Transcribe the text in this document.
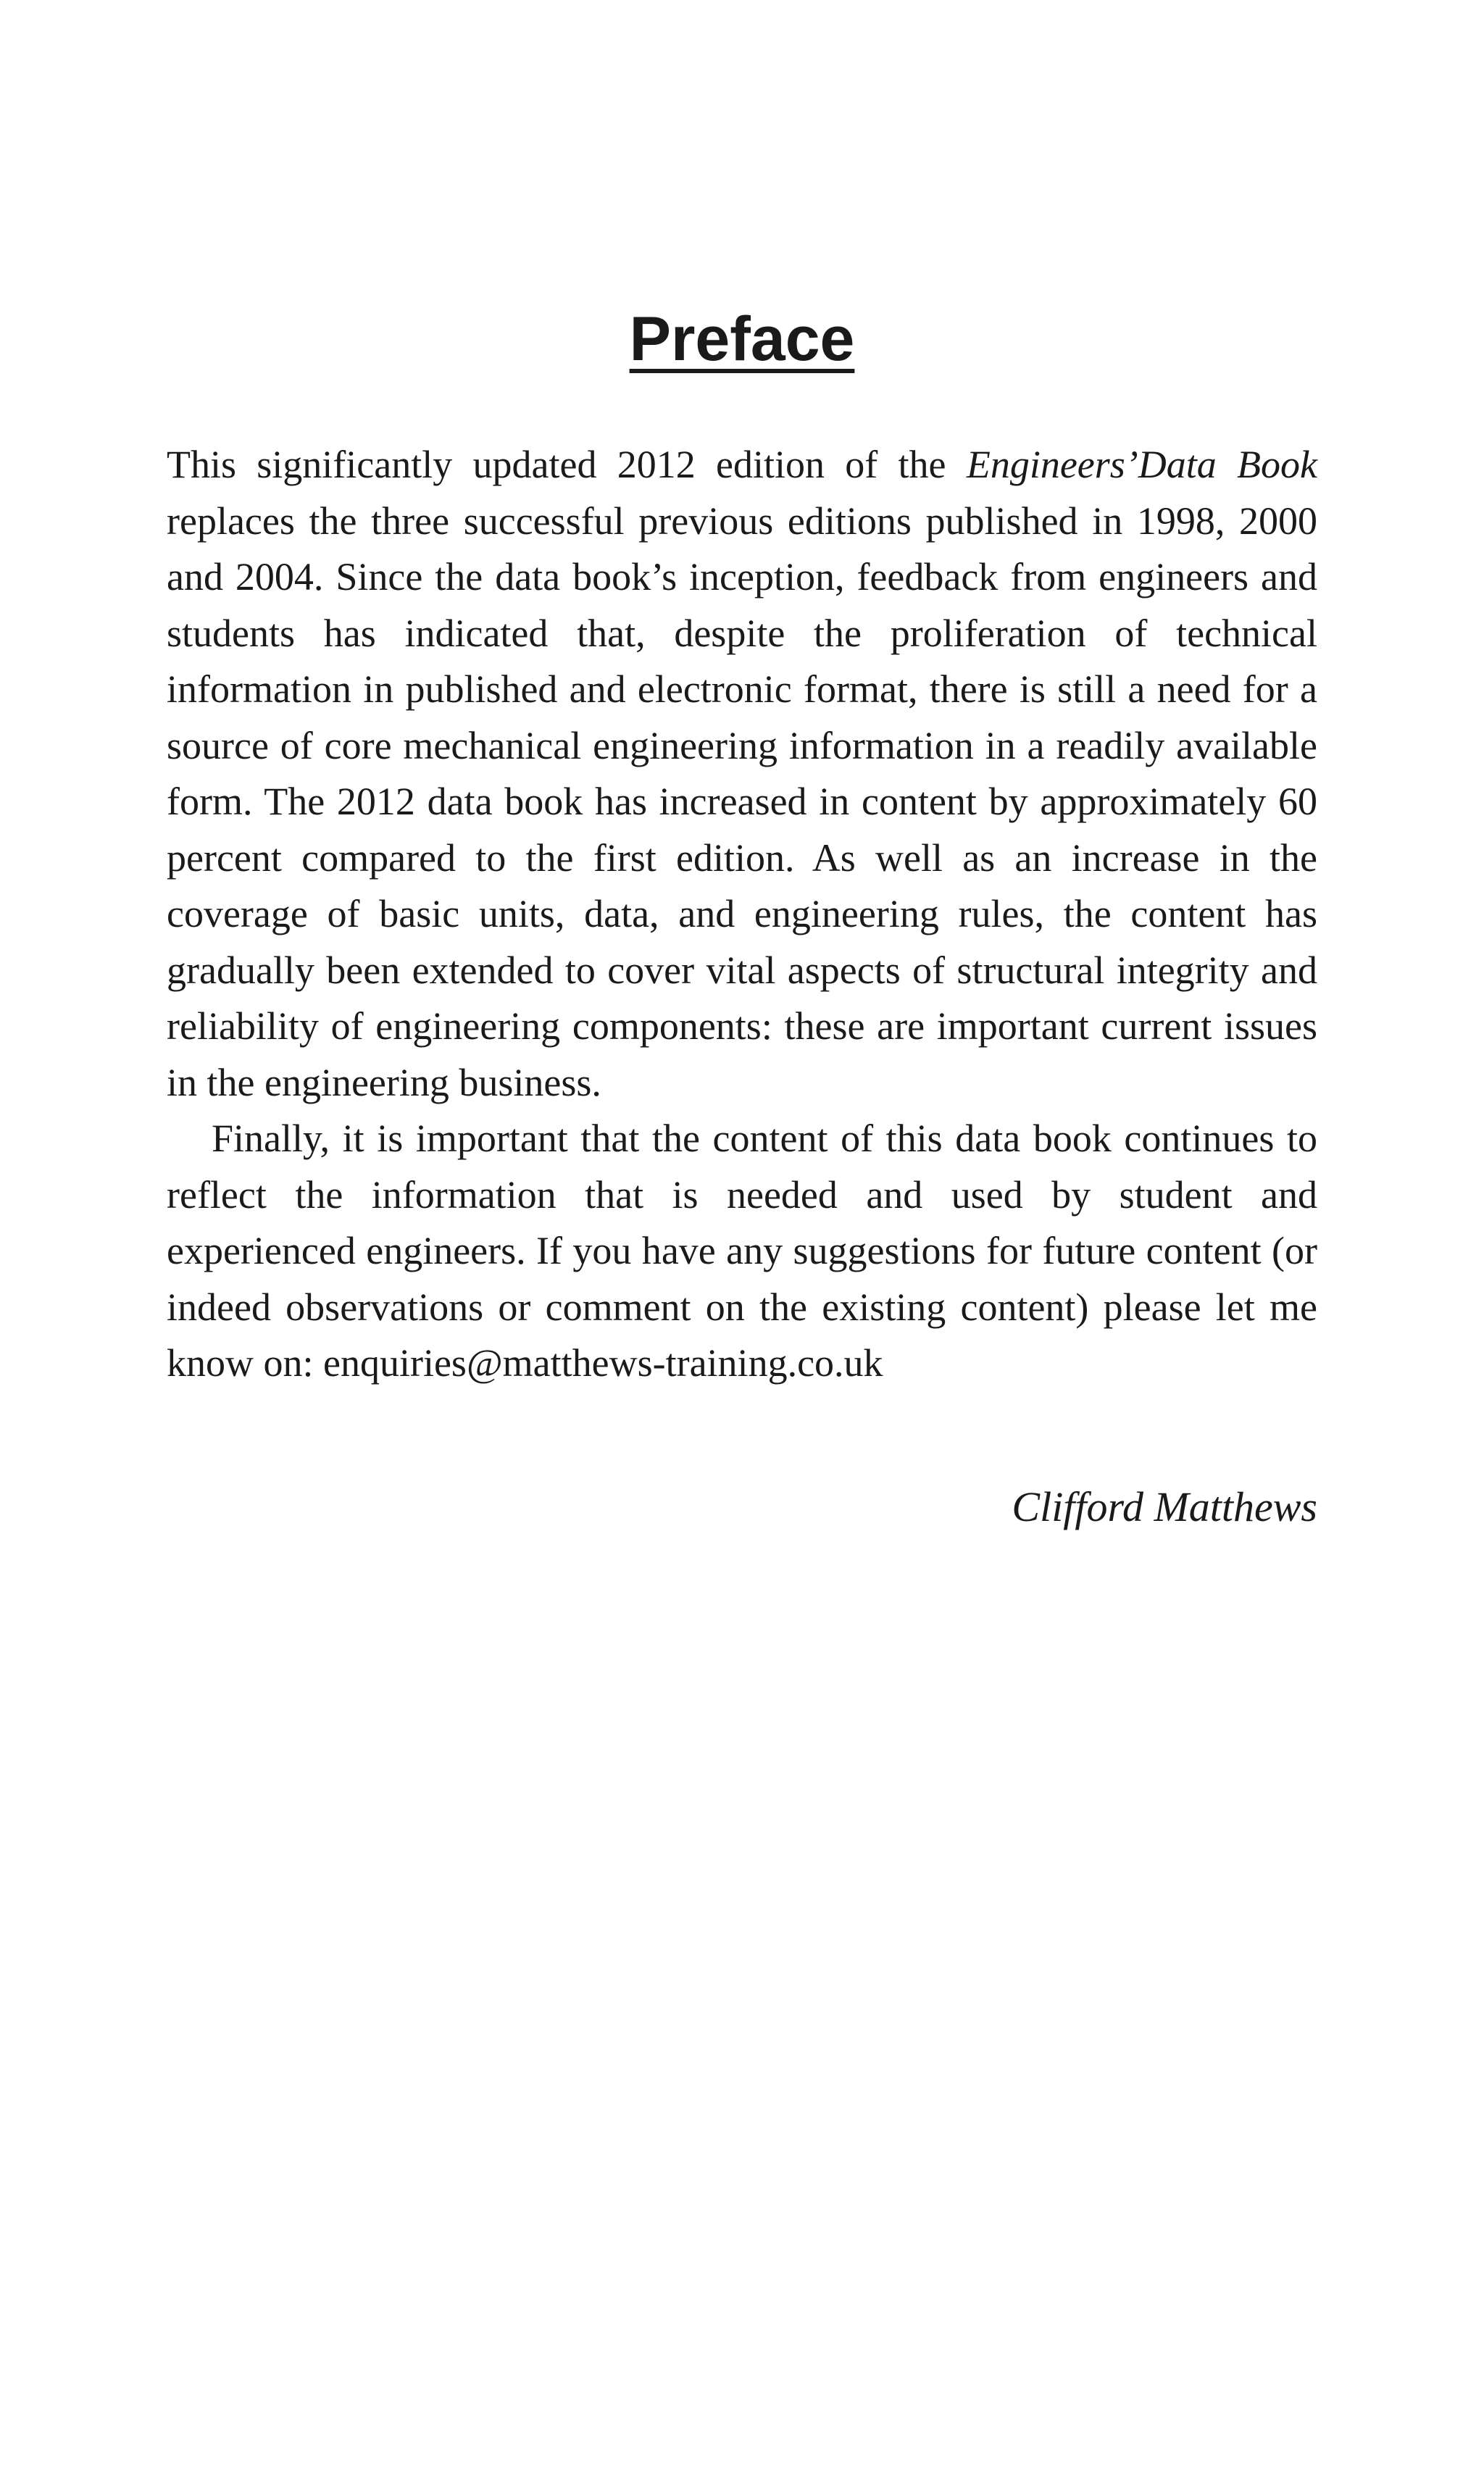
Preface

This significantly updated 2012 edition of the Engineers’Data Book replaces the three successful previous editions published in 1998, 2000 and 2004. Since the data book’s inception, feedback from engineers and students has indicated that, despite the proliferation of technical information in published and electronic format, there is still a need for a source of core mechanical engineering information in a readily available form. The 2012 data book has increased in content by approximately 60 percent compared to the first edition. As well as an increase in the coverage of basic units, data, and engineering rules, the content has gradually been extended to cover vital aspects of structural integrity and reliability of engineering components: these are important current issues in the engineering business.

Finally, it is important that the content of this data book continues to reflect the information that is needed and used by student and experienced engineers. If you have any suggestions for future content (or indeed observations or comment on the existing content) please let me know on: enquiries@matthews-training.co.uk

Clifford Matthews
